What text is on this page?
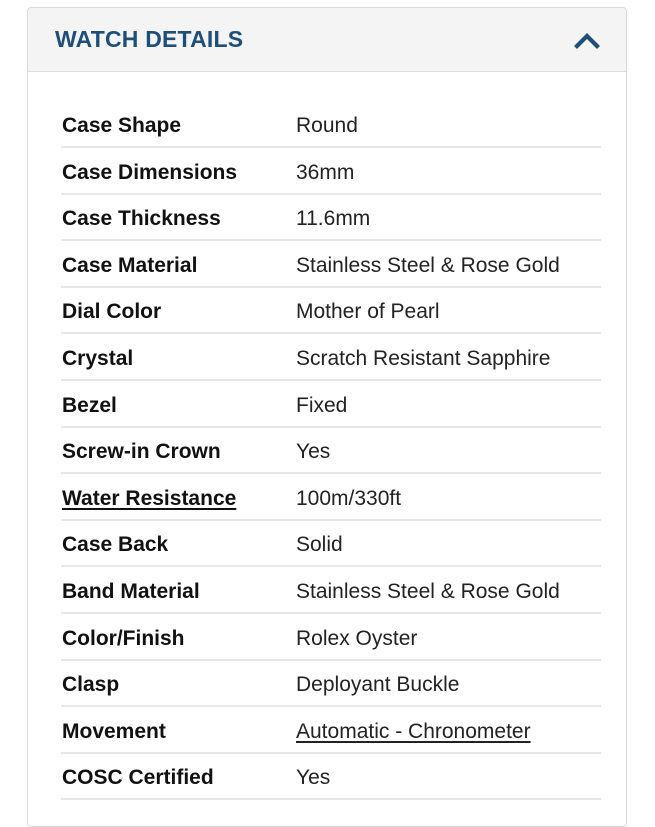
WATCH DETAILS
Case Shape	Round
Case Dimensions	36mm
Case Thickness	11.6mm
Case Material	Stainless Steel & Rose Gold
Dial Color	Mother of Pearl
Crystal	Scratch Resistant Sapphire
Bezel	Fixed
Screw-in Crown	Yes
Water Resistance	100m/330ft
Case Back	Solid
Band Material	Stainless Steel & Rose Gold
Color/Finish	Rolex Oyster
Clasp	Deployant Buckle
Movement	Automatic - Chronometer
COSC Certified	Yes
